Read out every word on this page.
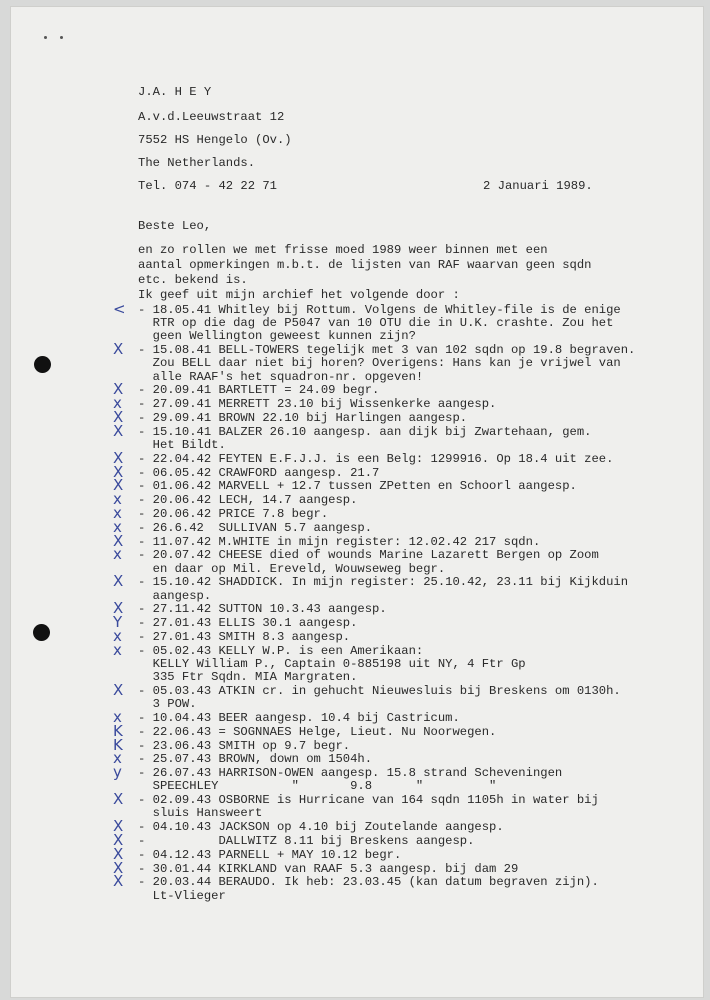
J.A. H E Y
A.v.d.Leeuwstraat 12
7552 HS Hengelo (Ov.)
The Netherlands.
Tel. 074 - 42 22 71	2 Januari 1989.
Beste Leo,
en zo rollen we met frisse moed 1989 weer binnen met een
aantal opmerkingen m.b.t. de lijsten van RAF waarvan geen sqdn
etc. bekend is.
Ik geef uit mijn archief het volgende door :
< - 18.05.41 Whitley bij Rottum. Volgens de Whitley-file is de enige
RTR op die dag de P5047 van 10 OTU die in U.K. crashte. Zou het
geen Wellington geweest kunnen zijn?
X - 15.08.41 BELL-TOWERS tegelijk met 3 van 102 sqdn op 19.8 begraven.
Zou BELL daar niet bij horen? Overigens: Hans kan je vrijwel van
alle RAAF's het squadron-nr. opgeven!
X - 20.09.41 BARTLETT = 24.09 begr.
x - 27.09.41 MERRETT 23.10 bij Wissenkerke aangesp.
X - 29.09.41 BROWN 22.10 bij Harlingen aangesp.
X - 15.10.41 BALZER 26.10 aangesp. aan dijk bij Zwartehaan, gem.
Het Bildt.
X - 22.04.42 FEYTEN E.F.J.J. is een Belg: 1299916. Op 18.4 uit zee.
X - 06.05.42 CRAWFORD aangesp. 21.7
X - 01.06.42 MARVELL + 12.7 tussen ZPetten en Schoorl aangesp.
x - 20.06.42 LECH, 14.7 aangesp.
x - 20.06.42 PRICE 7.8 begr.
x - 26.6.42  SULLIVAN 5.7 aangesp.
X - 11.07.42 M.WHITE in mijn register: 12.02.42 217 sqdn.
x - 20.07.42 CHEESE died of wounds Marine Lazarett Bergen op Zoom
en daar op Mil. Ereveld, Wouwseweg begr.
X - 15.10.42 SHADDICK. In mijn register: 25.10.42, 23.11 bij Kijkduin
aangesp.
X - 27.11.42 SUTTON 10.3.43 aangesp.
Y - 27.01.43 ELLIS 30.1 aangesp.
x - 27.01.43 SMITH 8.3 aangesp.
x - 05.02.43 KELLY W.P. is een Amerikaan:
KELLY William P., Captain 0-885198 uit NY, 4 Ftr Gp
335 Ftr Sqdn. MIA Margraten.
X - 05.03.43 ATKIN cr. in gehucht Nieuwesluis bij Breskens om 0130h.
3 POW.
x - 10.04.43 BEER aangesp. 10.4 bij Castricum.
K - 22.06.43 = SOGNNAES Helge, Lieut. Nu Noorwegen.
K - 23.06.43 SMITH op 9.7 begr.
x - 25.07.43 BROWN, down om 1504h.
y - 26.07.43 HARRISON-OWEN aangesp. 15.8 strand Scheveningen
SPEECHLEY          "       9.8      "         "
X - 02.09.43 OSBORNE is Hurricane van 164 sqdn 1105h in water bij
sluis Hansweert
X - 04.10.43 JACKSON op 4.10 bij Zoutelande aangesp.
X -          DALLWITZ 8.11 bij Breskens aangesp.
X - 04.12.43 PARNELL + MAY 10.12 begr.
X - 30.01.44 KIRKLAND van RAAF 5.3 aangesp. bij dam 29
X - 20.03.44 BERAUDO. Ik heb: 23.03.45 (kan datum begraven zijn).
Lt-Vlieger
